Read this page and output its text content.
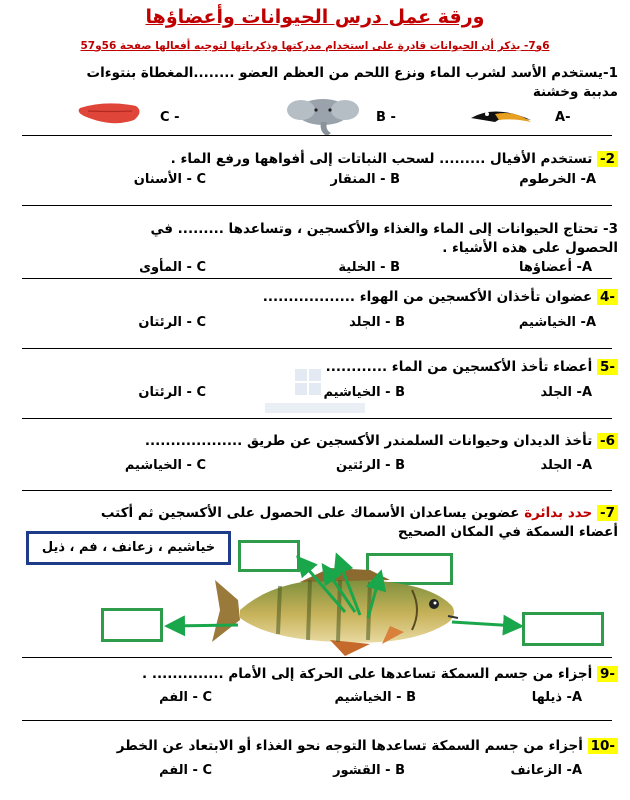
ورقة عمل درس الحيوانات وأعضاؤها
6و7- يذكر أن الحيوانات قادرة على استخدام مدركتها وذكرياتها لتوجيه أفعالها صفحة 56و57
1-يستخدم الأسد لشرب الماء ونزع اللحم من العظم العضو ........المغطاة بنتوءات
مدببة وخشنة
-A
- B
- C
2- تستخدم الأفيال ......... لسحب النباتات إلى أفواهها ورفع الماء .
A- الخرطوم
B - المنقار
C - الأسنان
3- تحتاج الحيوانات إلى الماء والغذاء والأكسجين ، وتساعدها ......... في
الحصول على هذه الأشياء .
A- أعضاؤها
B - الخلية
C - المأوى
-4 عضوان تأخذان الأكسجين من الهواء ..................
A- الخياشيم
B - الجلد
C - الرئتان
-5 أعضاء تأخذ الأكسجين من الماء ............
A- الجلد
B - الخياشيم
C - الرئتان
6- تأخذ الديدان وحيوانات السلمندر الأكسجين عن طريق ...................
A- الجلد
B - الرئتين
C - الخياشيم
7- حدد بدائرة عضوين يساعدان الأسماك على الحصول على الأكسجين ثم أكتب
أعضاء السمكة في المكان الصحيح
خياشيم ، زعانف ، فم ، ذيل
-9 أجزاء من جسم السمكة تساعدها على الحركة إلى الأمام .............. .
A- ذيلها
B - الخياشيم
C - الفم
-10 أجزاء من جسم السمكة تساعدها التوجه نحو الغذاء أو الابتعاد عن الخطر
A- الزعانف
B - القشور
C - الفم
